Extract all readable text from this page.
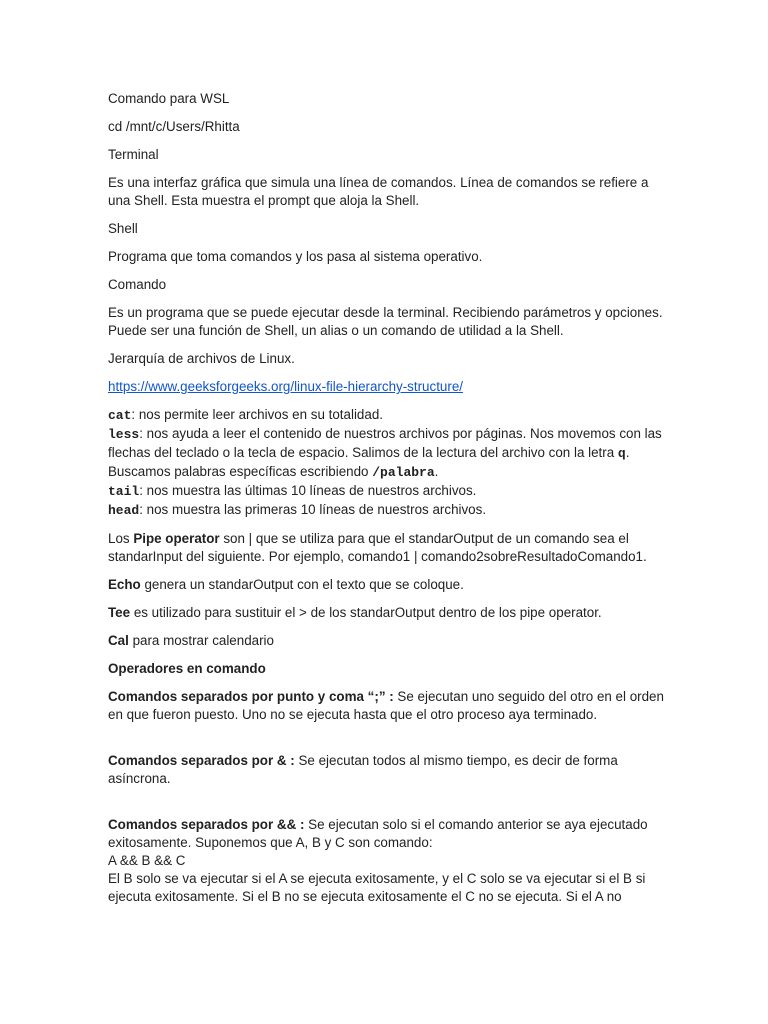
Comando para WSL

cd /mnt/c/Users/Rhitta

Terminal

Es una interfaz gráfica que simula una línea de comandos. Línea de comandos se refiere a una Shell. Esta muestra el prompt que aloja la Shell.

Shell

Programa que toma comandos y los pasa al sistema operativo.

Comando

Es un programa que se puede ejecutar desde la terminal. Recibiendo parámetros y opciones. Puede ser una función de Shell, un alias o un comando de utilidad a la Shell.

Jerarquía de archivos de Linux.

https://www.geeksforgeeks.org/linux-file-hierarchy-structure/

cat: nos permite leer archivos en su totalidad.
less: nos ayuda a leer el contenido de nuestros archivos por páginas. Nos movemos con las flechas del teclado o la tecla de espacio. Salimos de la lectura del archivo con la letra q. Buscamos palabras específicas escribiendo /palabra.
tail: nos muestra las últimas 10 líneas de nuestros archivos.
head: nos muestra las primeras 10 líneas de nuestros archivos.

Los Pipe operator son | que se utiliza para que el standarOutput de un comando sea el standarInput del siguiente. Por ejemplo, comando1 | comando2sobreResultadoComando1.

Echo genera un standarOutput con el texto que se coloque.

Tee es utilizado para sustituir el > de los standarOutput dentro de los pipe operator.

Cal para mostrar calendario

Operadores en comando

Comandos separados por punto y coma “;” : Se ejecutan uno seguido del otro en el orden en que fueron puesto. Uno no se ejecuta hasta que el otro proceso aya terminado.

Comandos separados por & : Se ejecutan todos al mismo tiempo, es decir de forma asíncrona.

Comandos separados por && : Se ejecutan solo si el comando anterior se aya ejecutado exitosamente. Suponemos que A, B y C son comando:
A && B && C
El B solo se va ejecutar si el A se ejecuta exitosamente, y el C solo se va ejecutar si el B si ejecuta exitosamente. Si el B no se ejecuta exitosamente el C no se ejecuta. Si el A no
